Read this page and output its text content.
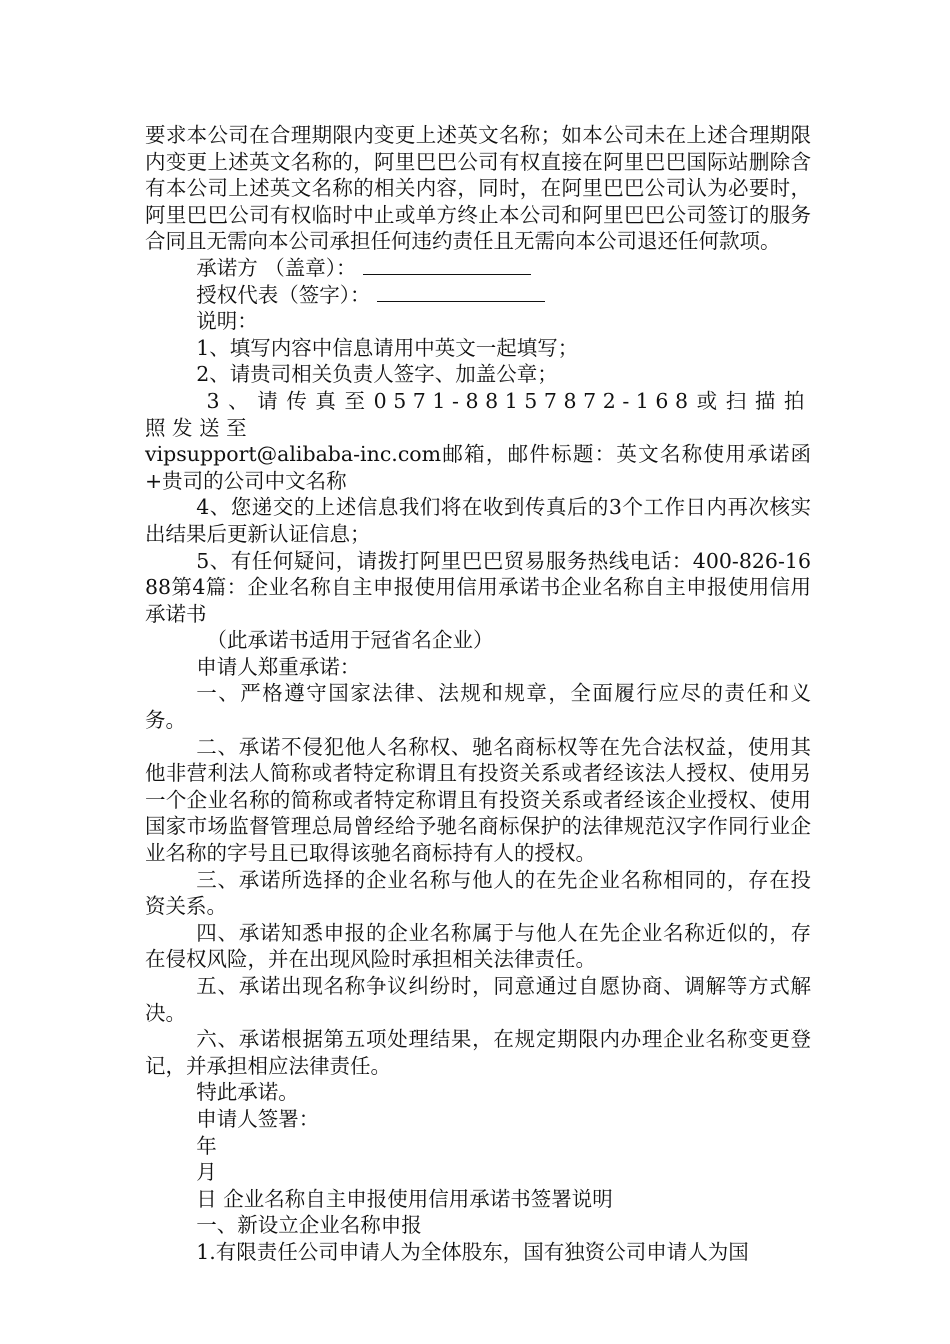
要求本公司在合理期限内变更上述英文名称；如本公司未在上述合理期限内变更上述英文名称的，阿里巴巴公司有权直接在阿里巴巴国际站删除含有本公司上述英文名称的相关内容，同时，在阿里巴巴公司认为必要时，阿里巴巴公司有权临时中止或单方终止本公司和阿里巴巴公司签订的服务合同且无需向本公司承担任何违约责任且无需向本公司退还任何款项。

承诺方 （盖章）：

授权代表（签字）：

说明：

1、填写内容中信息请用中英文一起填写；

2、请贵司相关负责人签字、加盖公章；

3、请传真至0571-88157872-168或扫描拍照发送至

vipsupport@alibaba-inc.com邮箱，邮件标题：英文名称使用承诺函+贵司的公司中文名称

4、您递交的上述信息我们将在收到传真后的3个工作日内再次核实出结果后更新认证信息；

5、有任何疑问，请拨打阿里巴巴贸易服务热线电话：400-826-1688第4篇：企业名称自主申报使用信用承诺书企业名称自主申报使用信用承诺书

（此承诺书适用于冠省名企业）

申请人郑重承诺：

一、严格遵守国家法律、法规和规章，全面履行应尽的责任和义务。

二、承诺不侵犯他人名称权、驰名商标权等在先合法权益，使用其他非营利法人简称或者特定称谓且有投资关系或者经该法人授权、使用另一个企业名称的简称或者特定称谓且有投资关系或者经该企业授权、使用国家市场监督管理总局曾经给予驰名商标保护的法律规范汉字作同行业企业名称的字号且已取得该驰名商标持有人的授权。

三、承诺所选择的企业名称与他人的在先企业名称相同的，存在投资关系。

四、承诺知悉申报的企业名称属于与他人在先企业名称近似的，存在侵权风险，并在出现风险时承担相关法律责任。

五、承诺出现名称争议纠纷时，同意通过自愿协商、调解等方式解决。

六、承诺根据第五项处理结果，在规定期限内办理企业名称变更登记，并承担相应法律责任。

特此承诺。

申请人签署：

年

月

日 企业名称自主申报使用信用承诺书签署说明

一、新设立企业名称申报

1.有限责任公司申请人为全体股东，国有独资公司申请人为国
